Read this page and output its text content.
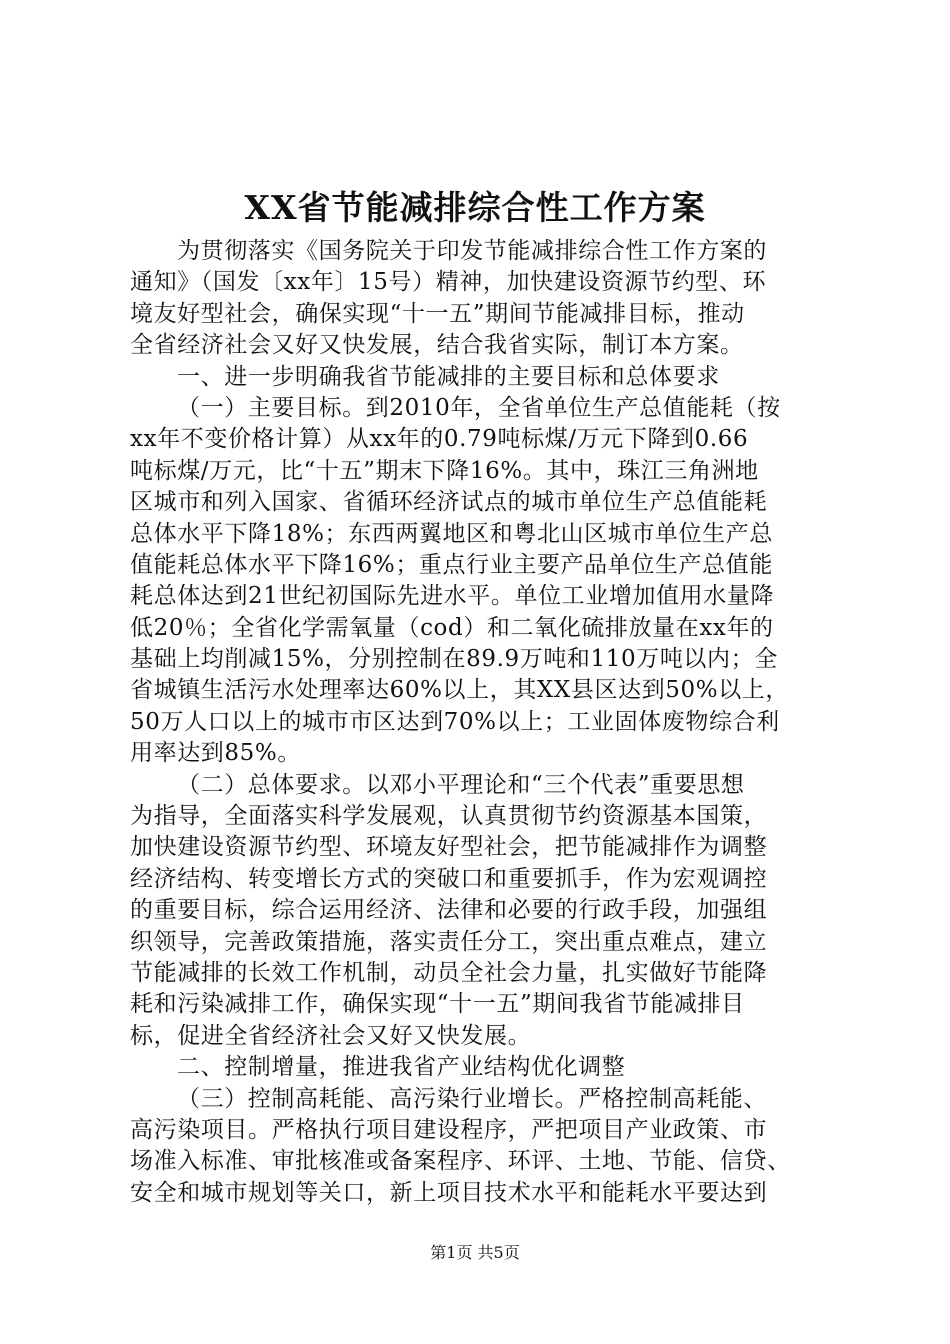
XX省节能减排综合性工作方案
为贯彻落实《国务院关于印发节能减排综合性工作方案的
通知》（国发〔xx年〕15号）精神，加快建设资源节约型、环
境友好型社会，确保实现“十一五”期间节能减排目标，推动
全省经济社会又好又快发展，结合我省实际，制订本方案。
一、进一步明确我省节能减排的主要目标和总体要求
（一）主要目标。到2010年，全省单位生产总值能耗（按
xx年不变价格计算）从xx年的0.79吨标煤/万元下降到0.66
吨标煤/万元，比“十五”期末下降16%。其中，珠江三角洲地
区城市和列入国家、省循环经济试点的城市单位生产总值能耗
总体水平下降18%；东西两翼地区和粤北山区城市单位生产总
值能耗总体水平下降16%；重点行业主要产品单位生产总值能
耗总体达到21世纪初国际先进水平。单位工业增加值用水量降
低20％；全省化学需氧量（cod）和二氧化硫排放量在xx年的
基础上均削减15%，分别控制在89.9万吨和110万吨以内；全
省城镇生活污水处理率达60%以上，其XX县区达到50%以上，
50万人口以上的城市市区达到70%以上；工业固体废物综合利
用率达到85%。
（二）总体要求。以邓小平理论和“三个代表”重要思想
为指导，全面落实科学发展观，认真贯彻节约资源基本国策，
加快建设资源节约型、环境友好型社会，把节能减排作为调整
经济结构、转变增长方式的突破口和重要抓手，作为宏观调控
的重要目标，综合运用经济、法律和必要的行政手段，加强组
织领导，完善政策措施，落实责任分工，突出重点难点，建立
节能减排的长效工作机制，动员全社会力量，扎实做好节能降
耗和污染减排工作，确保实现“十一五”期间我省节能减排目
标，促进全省经济社会又好又快发展。
二、控制增量，推进我省产业结构优化调整
（三）控制高耗能、高污染行业增长。严格控制高耗能、
高污染项目。严格执行项目建设程序，严把项目产业政策、市
场准入标准、审批核准或备案程序、环评、土地、节能、信贷、
安全和城市规划等关口，新上项目技术水平和能耗水平要达到
第1页 共5页
